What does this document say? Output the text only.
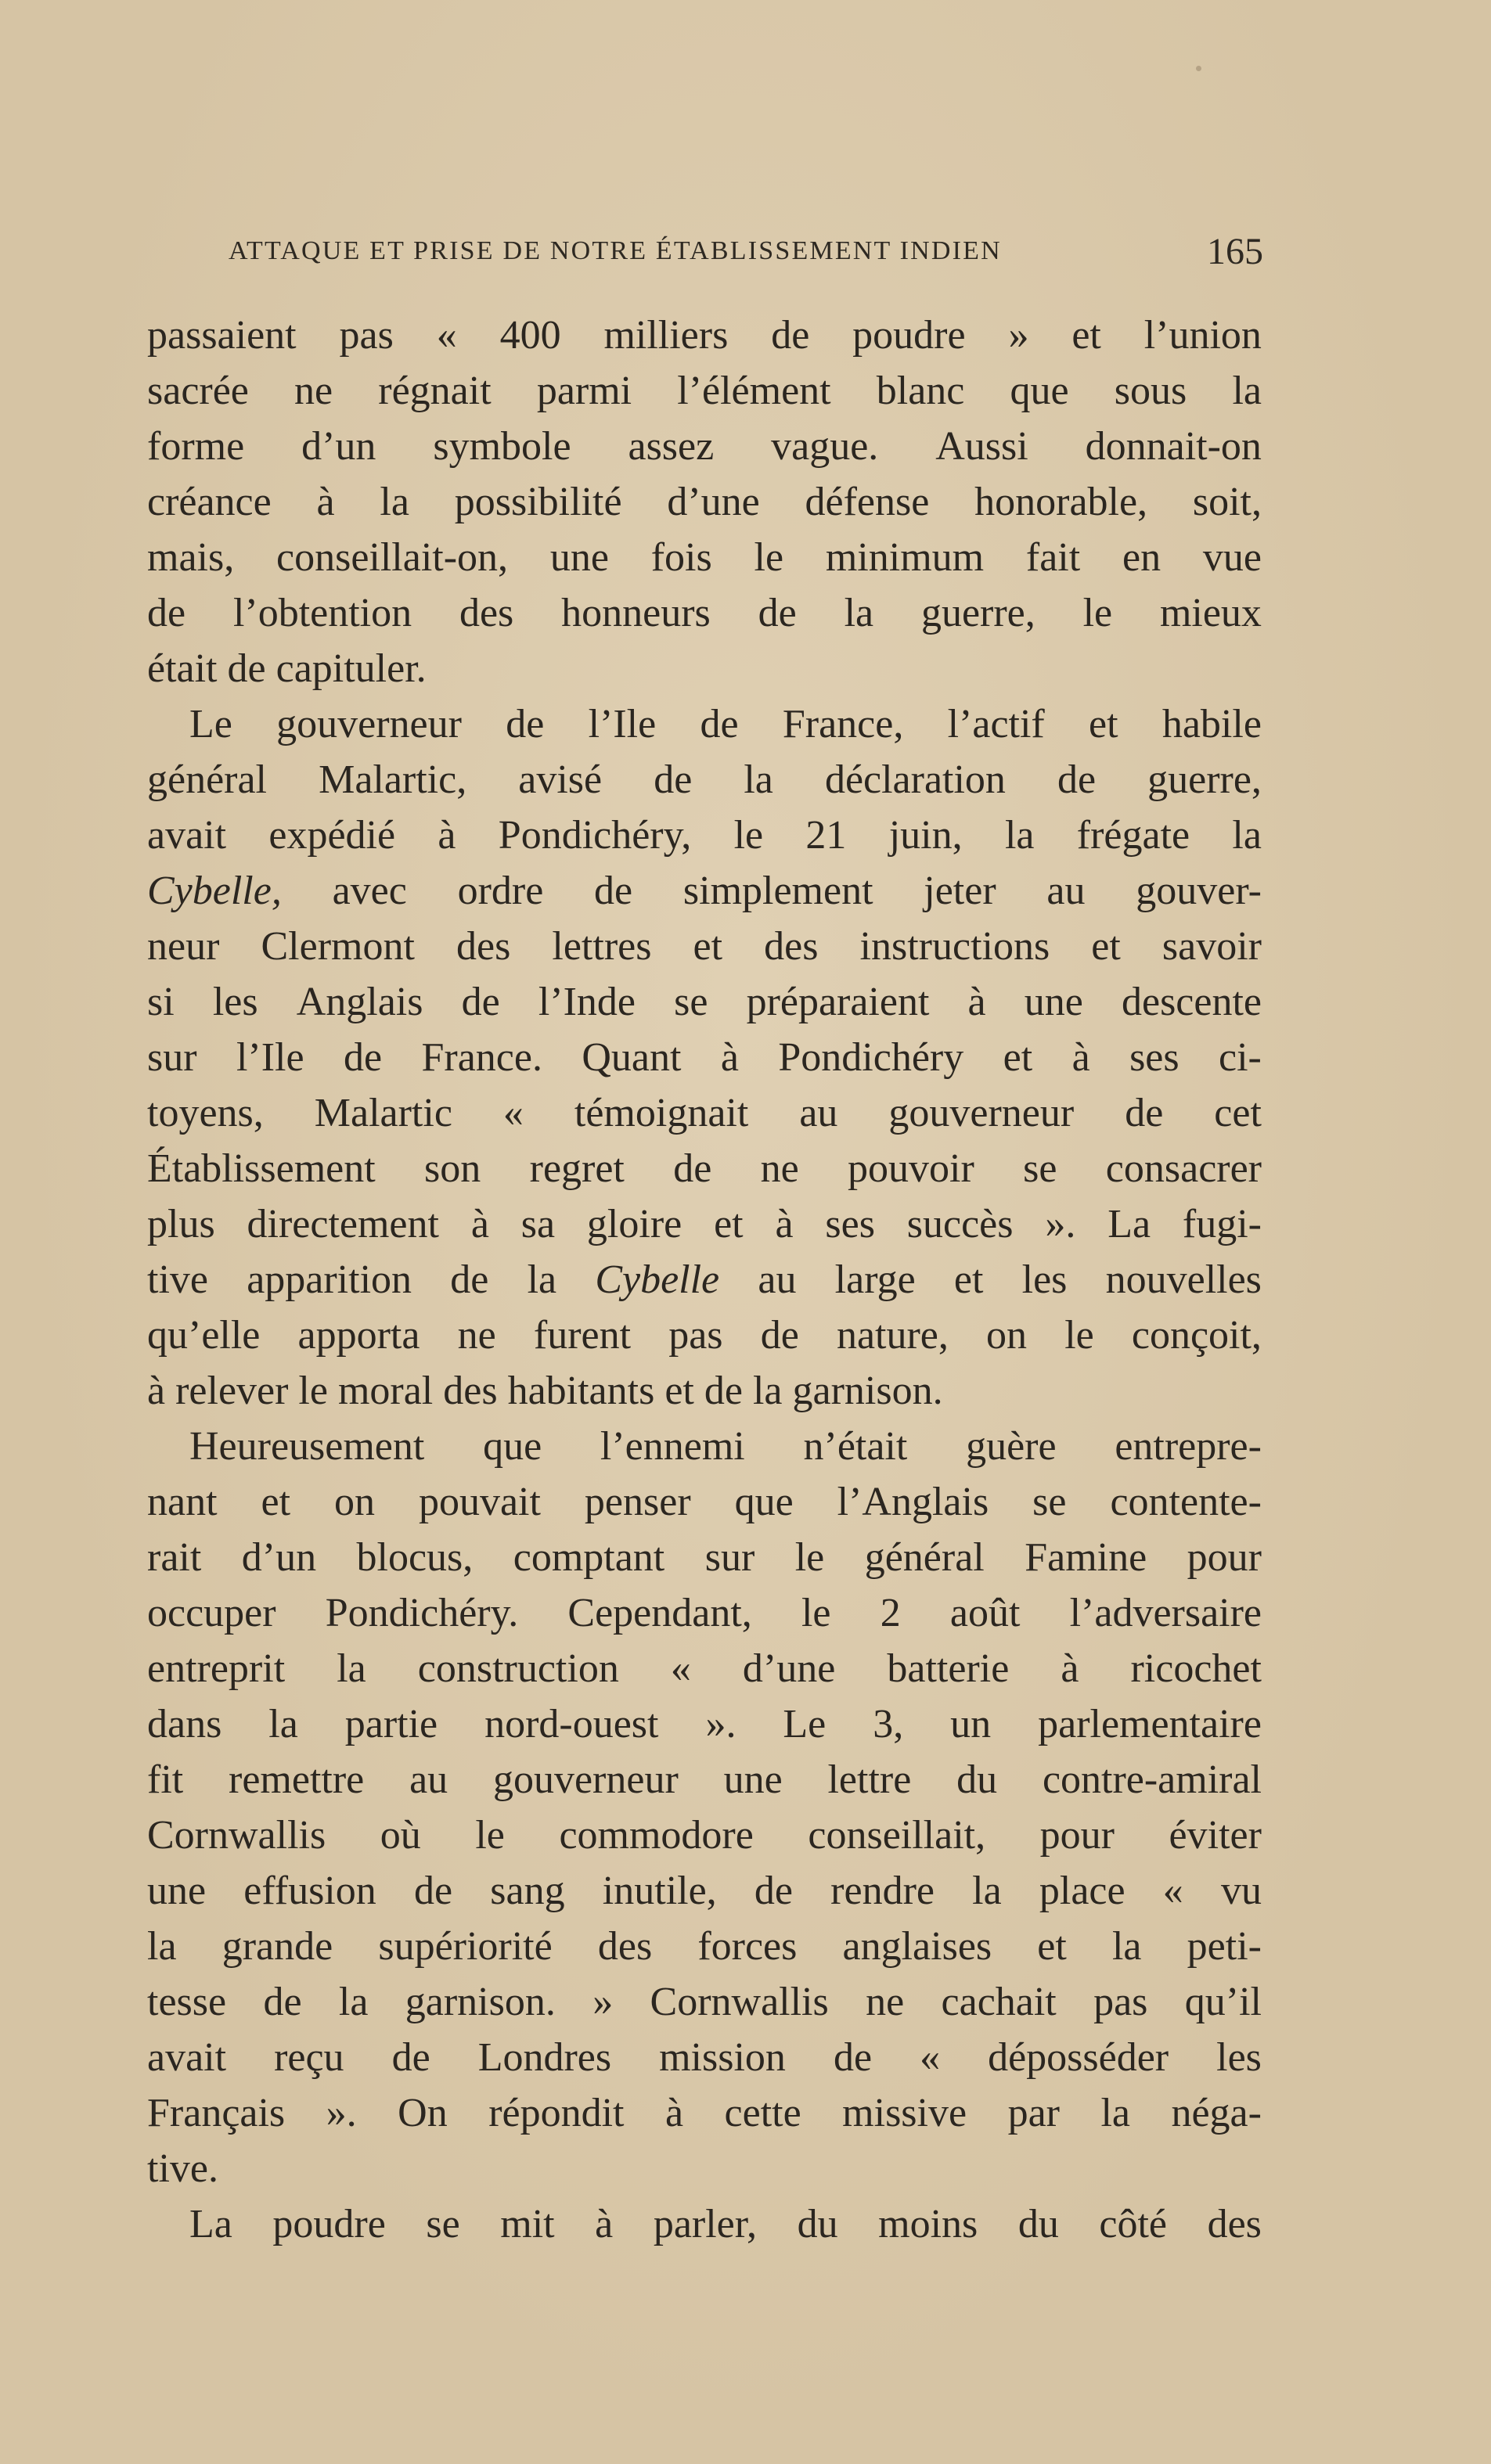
ATTAQUE ET PRISE DE NOTRE ÉTABLISSEMENT INDIEN	165
passaient pas « 400 milliers de poudre » et l’union
sacrée ne régnait parmi l’élément blanc que sous la
forme d’un symbole assez vague. Aussi donnait-on
créance à la possibilité d’une défense honorable, soit,
mais, conseillait-on, une fois le minimum fait en vue
de l’obtention des honneurs de la guerre, le mieux
était de capituler.
Le gouverneur de l’Ile de France, l’actif et habile
général Malartic, avisé de la déclaration de guerre,
avait expédié à Pondichéry, le 21 juin, la frégate la
Cybelle, avec ordre de simplement jeter au gouver-
neur Clermont des lettres et des instructions et savoir
si les Anglais de l’Inde se préparaient à une descente
sur l’Ile de France. Quant à Pondichéry et à ses ci-
toyens, Malartic « témoignait au gouverneur de cet
Établissement son regret de ne pouvoir se consacrer
plus directement à sa gloire et à ses succès ». La fugi-
tive apparition de la Cybelle au large et les nouvelles
qu’elle apporta ne furent pas de nature, on le conçoit,
à relever le moral des habitants et de la garnison.
Heureusement que l’ennemi n’était guère entrepre-
nant et on pouvait penser que l’Anglais se contente-
rait d’un blocus, comptant sur le général Famine pour
occuper Pondichéry. Cependant, le 2 août l’adversaire
entreprit la construction « d’une batterie à ricochet
dans la partie nord-ouest ». Le 3, un parlementaire
fit remettre au gouverneur une lettre du contre-amiral
Cornwallis où le commodore conseillait, pour éviter
une effusion de sang inutile, de rendre la place « vu
la grande supériorité des forces anglaises et la peti-
tesse de la garnison. » Cornwallis ne cachait pas qu’il
avait reçu de Londres mission de « déposséder les
Français ». On répondit à cette missive par la néga-
tive.
La poudre se mit à parler, du moins du côté des
